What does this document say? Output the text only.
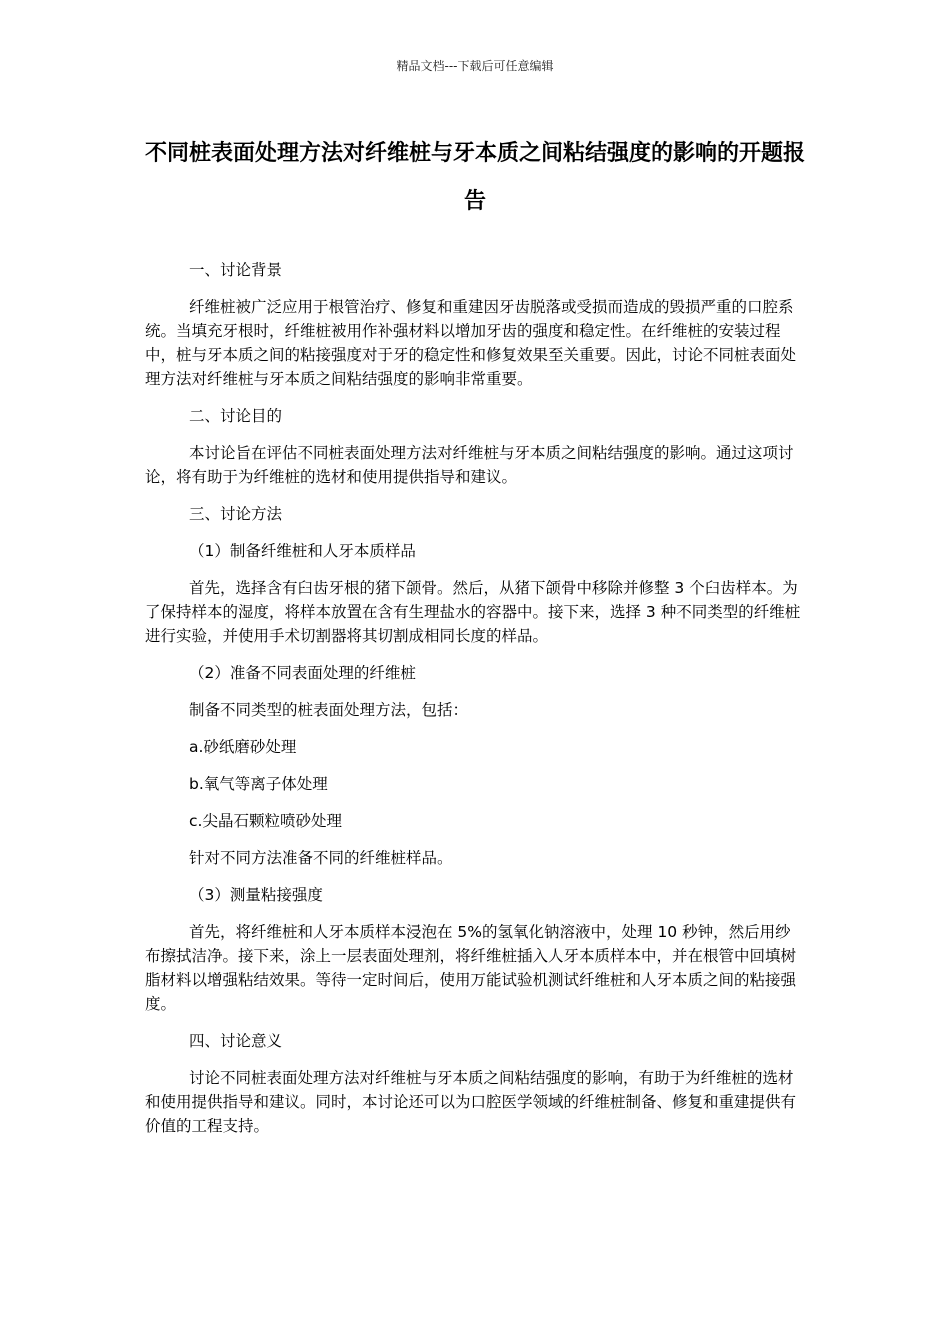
精品文档---下载后可任意编辑
不同桩表面处理方法对纤维桩与牙本质之间粘结强度的影响的开题报告

一、讨论背景

纤维桩被广泛应用于根管治疗、修复和重建因牙齿脱落或受损而造成的毁损严重的口腔系统。当填充牙根时，纤维桩被用作补强材料以增加牙齿的强度和稳定性。在纤维桩的安装过程中，桩与牙本质之间的粘接强度对于牙的稳定性和修复效果至关重要。因此，讨论不同桩表面处理方法对纤维桩与牙本质之间粘结强度的影响非常重要。

二、讨论目的

本讨论旨在评估不同桩表面处理方法对纤维桩与牙本质之间粘结强度的影响。通过这项讨论，将有助于为纤维桩的选材和使用提供指导和建议。

三、讨论方法

（1）制备纤维桩和人牙本质样品

首先，选择含有臼齿牙根的猪下颌骨。然后，从猪下颌骨中移除并修整 3 个臼齿样本。为了保持样本的湿度，将样本放置在含有生理盐水的容器中。接下来，选择 3 种不同类型的纤维桩进行实验，并使用手术切割器将其切割成相同长度的样品。

（2）准备不同表面处理的纤维桩

制备不同类型的桩表面处理方法，包括：

a.砂纸磨砂处理

b.氧气等离子体处理

c.尖晶石颗粒喷砂处理

针对不同方法准备不同的纤维桩样品。

（3）测量粘接强度

首先，将纤维桩和人牙本质样本浸泡在 5%的氢氧化钠溶液中，处理 10 秒钟，然后用纱布擦拭洁净。接下来，涂上一层表面处理剂，将纤维桩插入人牙本质样本中，并在根管中回填树脂材料以增强粘结效果。等待一定时间后，使用万能试验机测试纤维桩和人牙本质之间的粘接强度。

四、讨论意义

讨论不同桩表面处理方法对纤维桩与牙本质之间粘结强度的影响，有助于为纤维桩的选材和使用提供指导和建议。同时，本讨论还可以为口腔医学领域的纤维桩制备、修复和重建提供有价值的工程支持。
